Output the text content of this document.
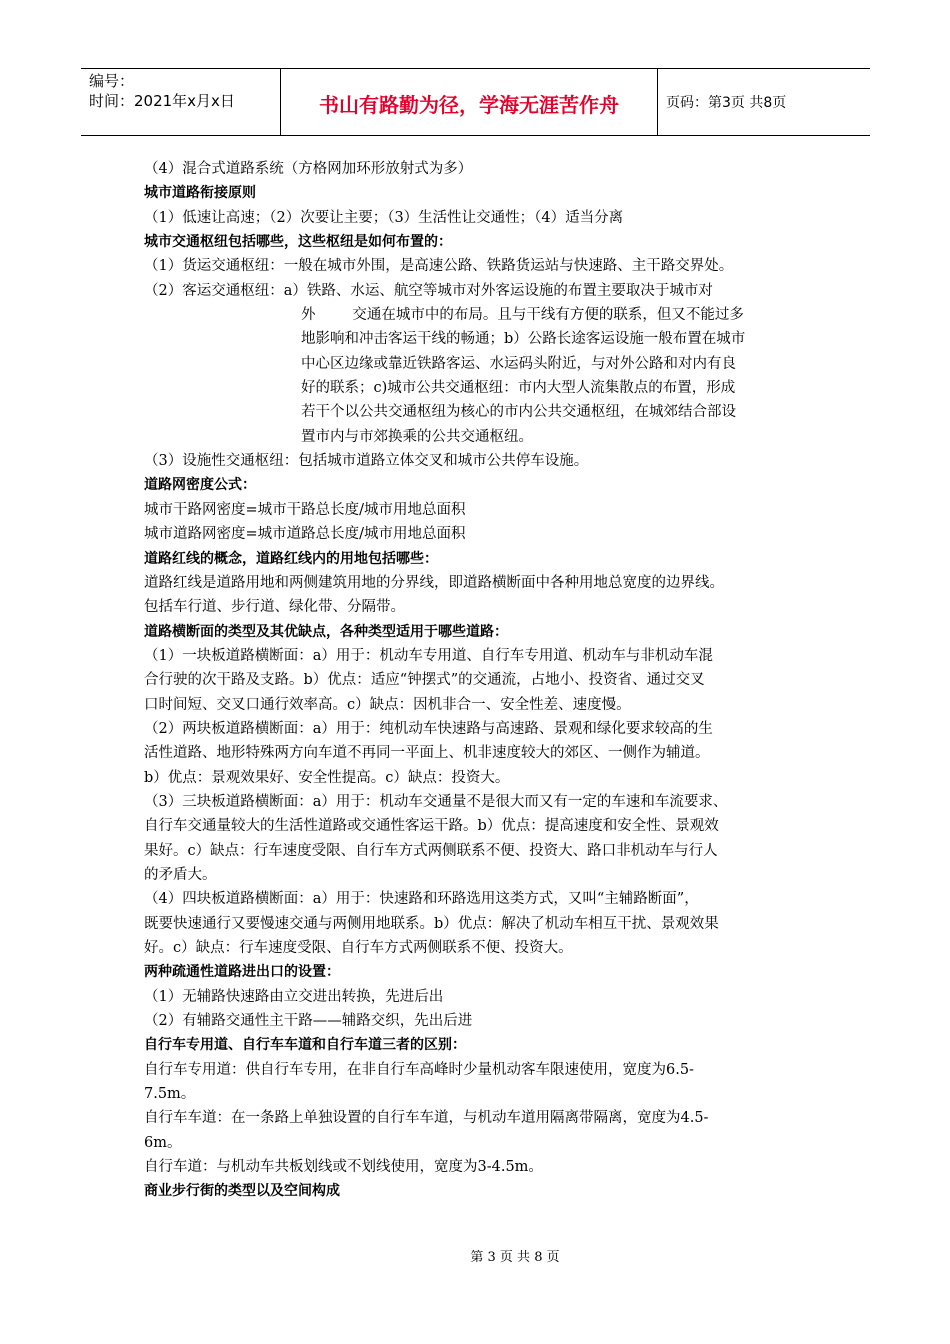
编号：
时间：2021年x月x日	书山有路勤为径，学海无涯苦作舟	页码：第3页 共8页
（4）混合式道路系统（方格网加环形放射式为多）
城市道路衔接原则
（1）低速让高速；（2）次要让主要；（3）生活性让交通性；（4）适当分离
城市交通枢纽包括哪些，这些枢纽是如何布置的：
（1）货运交通枢纽：一般在城市外围，是高速公路、铁路货运站与快速路、主干路交界处。
（2）客运交通枢纽：a）铁路、水运、航空等城市对外客运设施的布置主要取决于城市对
外        交通在城市中的布局。且与干线有方便的联系，但又不能过多
地影响和冲击客运干线的畅通；b）公路长途客运设施一般布置在城市
中心区边缘或靠近铁路客运、水运码头附近，与对外公路和对内有良
好的联系；c)城市公共交通枢纽：市内大型人流集散点的布置，形成
若干个以公共交通枢纽为核心的市内公共交通枢纽，在城郊结合部设
置市内与市郊换乘的公共交通枢纽。
（3）设施性交通枢纽：包括城市道路立体交叉和城市公共停车设施。
道路网密度公式：
城市干路网密度=城市干路总长度/城市用地总面积
城市道路网密度=城市道路总长度/城市用地总面积
道路红线的概念，道路红线内的用地包括哪些：
道路红线是道路用地和两侧建筑用地的分界线，即道路横断面中各种用地总宽度的边界线。
包括车行道、步行道、绿化带、分隔带。
道路横断面的类型及其优缺点，各种类型适用于哪些道路：
（1）一块板道路横断面：a）用于：机动车专用道、自行车专用道、机动车与非机动车混
合行驶的次干路及支路。b）优点：适应“钟摆式”的交通流，占地小、投资省、通过交叉
口时间短、交叉口通行效率高。c）缺点：因机非合一、安全性差、速度慢。
（2）两块板道路横断面：a）用于：纯机动车快速路与高速路、景观和绿化要求较高的生
活性道路、地形特殊两方向车道不再同一平面上、机非速度较大的郊区、一侧作为辅道。
b）优点：景观效果好、安全性提高。c）缺点：投资大。
（3）三块板道路横断面：a）用于：机动车交通量不是很大而又有一定的车速和车流要求、
自行车交通量较大的生活性道路或交通性客运干路。b）优点：提高速度和安全性、景观效
果好。c）缺点：行车速度受限、自行车方式两侧联系不便、投资大、路口非机动车与行人
的矛盾大。
（4）四块板道路横断面：a）用于：快速路和环路选用这类方式，又叫“主辅路断面”，
既要快速通行又要慢速交通与两侧用地联系。b）优点：解决了机动车相互干扰、景观效果
好。c）缺点：行车速度受限、自行车方式两侧联系不便、投资大。
两种疏通性道路进出口的设置：
（1）无辅路快速路由立交进出转换，先进后出
（2）有辅路交通性主干路——辅路交织，先出后进
自行车专用道、自行车车道和自行车道三者的区别：
自行车专用道：供自行车专用，在非自行车高峰时少量机动客车限速使用，宽度为6.5-
7.5m。
自行车车道：在一条路上单独设置的自行车车道，与机动车道用隔离带隔离，宽度为4.5-
6m。
自行车道：与机动车共板划线或不划线使用，宽度为3-4.5m。
商业步行街的类型以及空间构成
第 3 页 共 8 页
